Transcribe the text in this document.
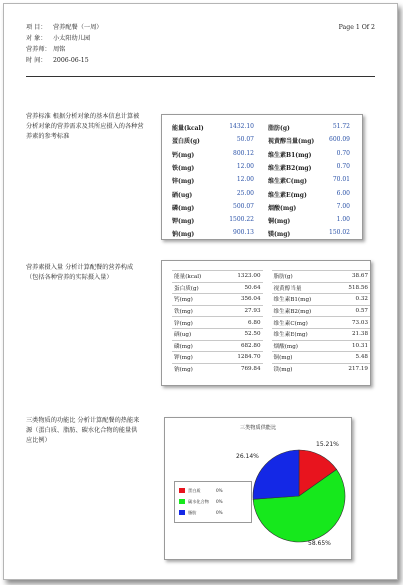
项 目： 营养配餐（一周）
对 象： 小太阳幼儿园
营养师： 周铭
时 间： 2006-06-15
Page 1 Of 2
营养标准 根据分析对象的基本信息计算被分析对象的营养需求及其所应摄入的各种营养素的参考标准
能量(kcal)	1432.10 脂肪(g)	51.72
蛋白质(g)	50.07 视黄醇当量(mg)	600.09
钙(mg)	800.12 维生素B1(mg)	0.70
铁(mg)	12.00 维生素B2(mg)	0.70
锌(mg)	12.00 维生素C(mg)	70.01
硒(ug)	25.00 维生素E(mg)	6.00
磷(mg)	500.07 烟酸(mg)	7.00
钾(mg)	1500.22 铜(mg)	1.00
钠(mg)	900.13 镁(mg)	150.02
营养素摄入量 分析计算配餐的营养构成（包括各种营养的实际摄入量）	能量(kcal)	1323.00		脂肪(g)	38.67
蛋白质(g)	50.64		视黄醇当量	518.56
钙(mg)	356.04		维生素B1(mg)	0.32
铁(mg)	27.93		维生素B2(mg)	0.57
锌(mg)	6.80		维生素C(mg)	73.03
硒(ug)	52.50		维生素E(mg)	21.38
磷(mg)	682.80		烟酸(mg)	10.31
钾(mg)	1284.70		铜(mg)	5.48
钠(mg)	769.84		镁(mg)	217.19
三类物质的功能比 分析计算配餐的热能来源（蛋白质、脂肪、碳水化合物的能量供应比例）
三类物质供能比
15.21%
58.65%
26.14%
蛋白质	0%
碳水化合物 0%
脂肪	0%
